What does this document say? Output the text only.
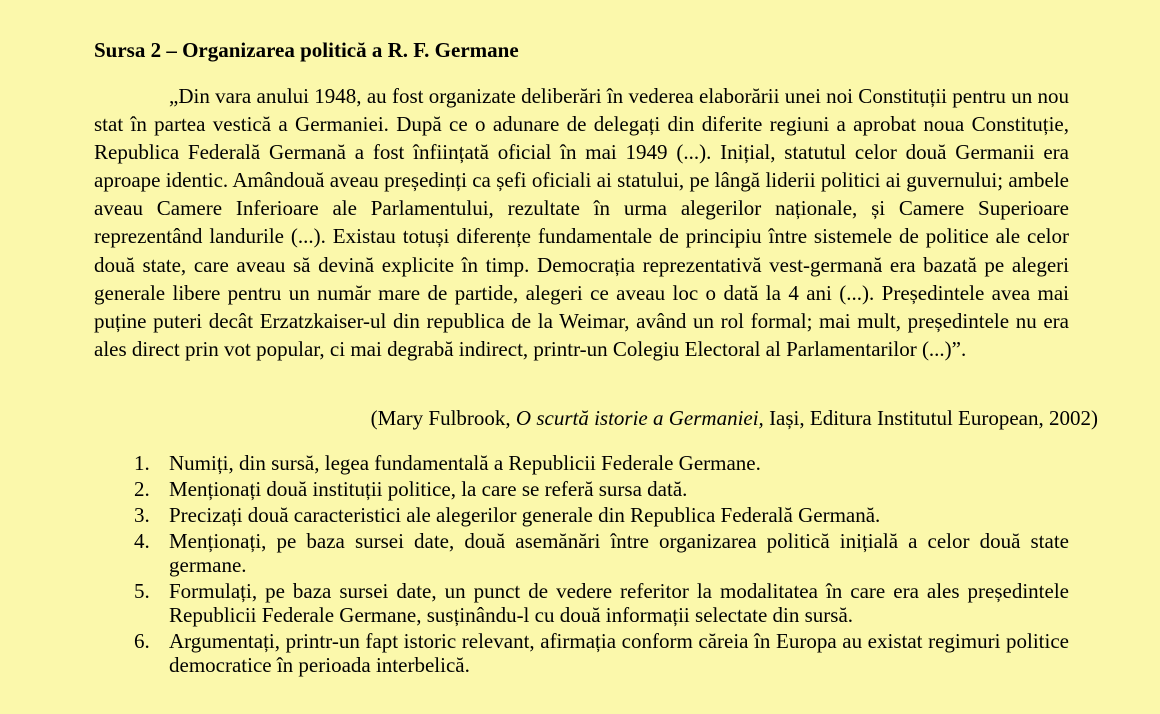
Sursa 2 – Organizarea politică a R. F. Germane

„Din vara anului 1948, au fost organizate deliberări în vederea elaborării unei noi Constituții pentru un nou stat în partea vestică a Germaniei. După ce o adunare de delegați din diferite regiuni a aprobat noua Constituție, Republica Federală Germană a fost înființată oficial în mai 1949 (...). Inițial, statutul celor două Germanii era aproape identic. Amândouă aveau președinți ca șefi oficiali ai statului, pe lângă liderii politici ai guvernului; ambele aveau Camere Inferioare ale Parlamentului, rezultate în urma alegerilor naționale, și Camere Superioare reprezentând landurile (...). Existau totuși diferențe fundamentale de principiu între sistemele de politice ale celor două state, care aveau să devină explicite în timp. Democrația reprezentativă vest-germană era bazată pe alegeri generale libere pentru un număr mare de partide, alegeri ce aveau loc o dată la 4 ani (...). Președintele avea mai puține puteri decât Erzatzkaiser-ul din republica de la Weimar, având un rol formal; mai mult, președintele nu era ales direct prin vot popular, ci mai degrabă indirect, printr-un Colegiu Electoral al Parlamentarilor (...)”.

(Mary Fulbrook, O scurtă istorie a Germaniei, Iași, Editura Institutul European, 2002)
1. Numiți, din sursă, legea fundamentală a Republicii Federale Germane.
2. Menționați două instituții politice, la care se referă sursa dată.
3. Precizați două caracteristici ale alegerilor generale din Republica Federală Germană.
4. Menționați, pe baza sursei date, două asemănări între organizarea politică inițială a celor două state germane.
5. Formulați, pe baza sursei date, un punct de vedere referitor la modalitatea în care era ales președintele Republicii Federale Germane, susținându-l cu două informații selectate din sursă.
6. Argumentați, printr-un fapt istoric relevant, afirmația conform căreia în Europa au existat regimuri politice democratice în perioada interbelică.
